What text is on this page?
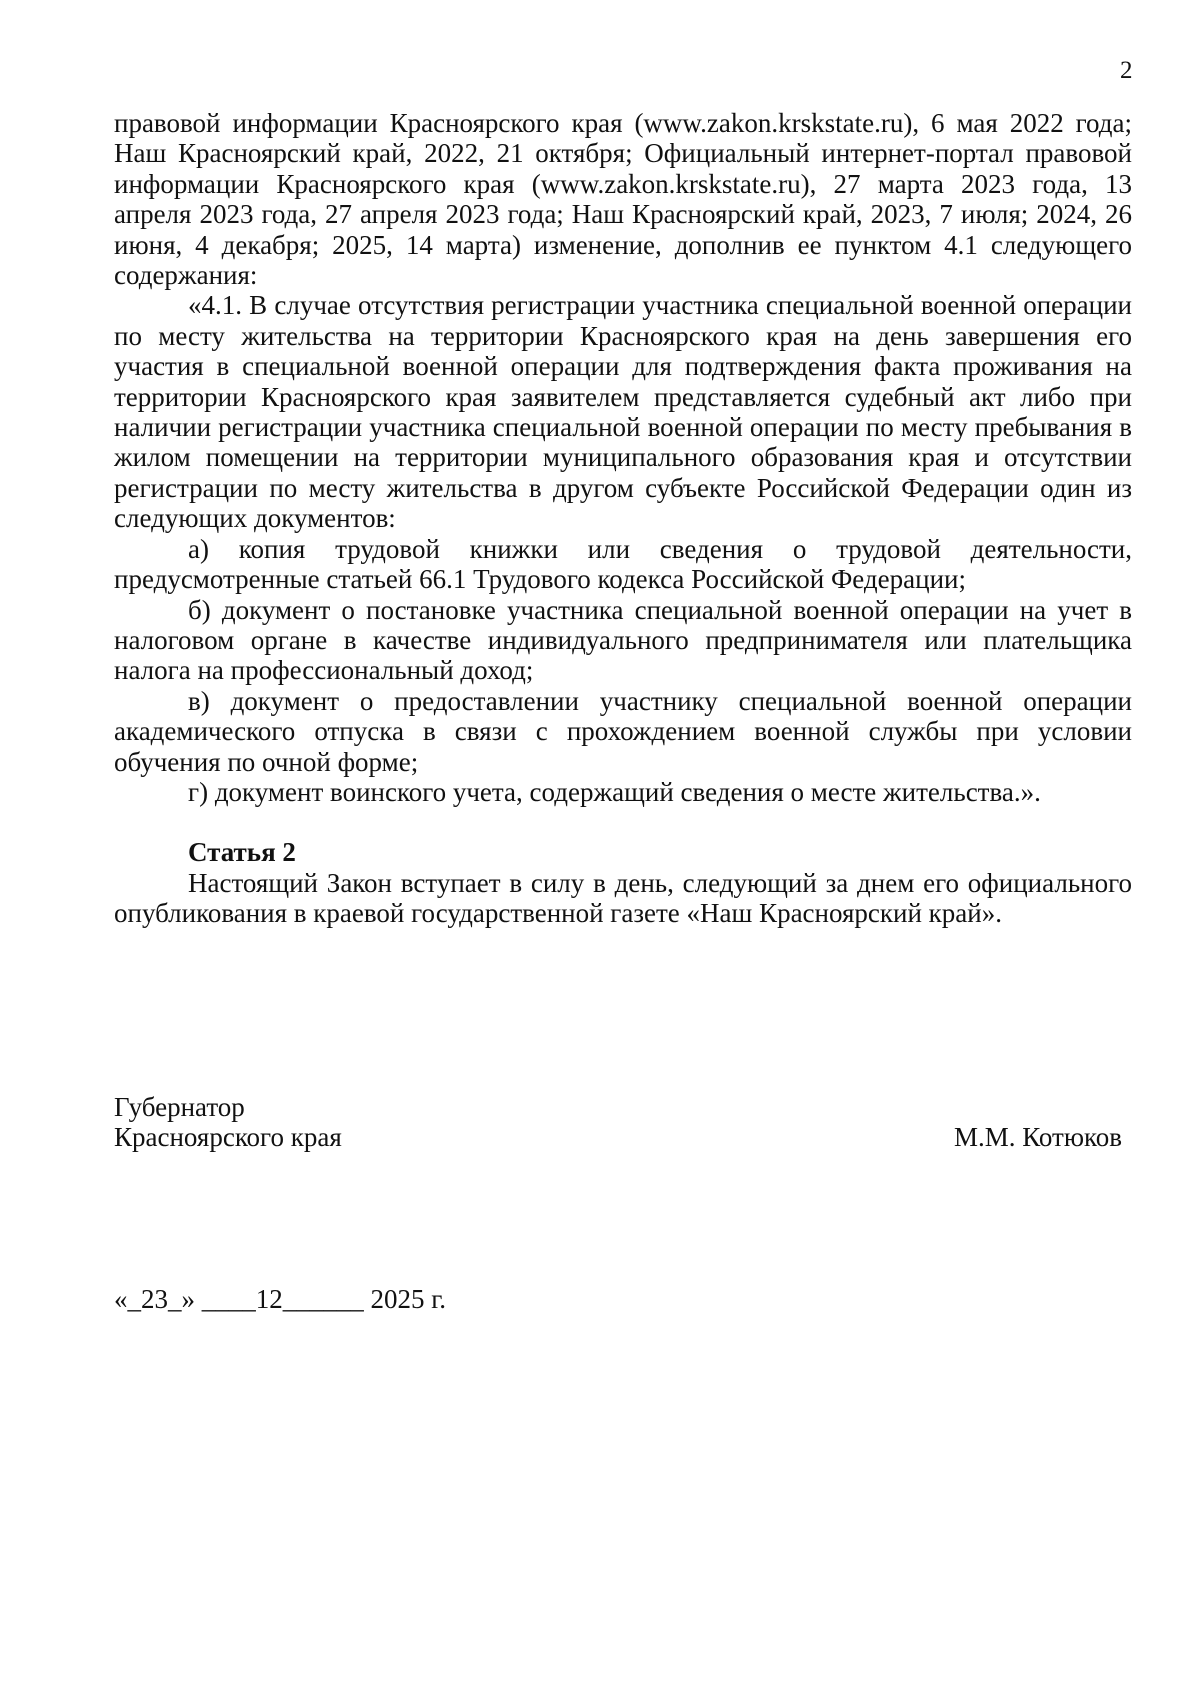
2

правовой информации Красноярского края (www.zakon.krskstate.ru), 6 мая 2022 года; Наш Красноярский край, 2022, 21 октября; Официальный интернет-портал правовой информации Красноярского края (www.zakon.krskstate.ru), 27 марта 2023 года, 13 апреля 2023 года, 27 апреля 2023 года; Наш Красноярский край, 2023, 7 июля; 2024, 26 июня, 4 декабря; 2025, 14 марта) изменение, дополнив ее пунктом 4.1 следующего содержания:

«4.1. В случае отсутствия регистрации участника специальной военной операции по месту жительства на территории Красноярского края на день завершения его участия в специальной военной операции для подтверждения факта проживания на территории Красноярского края заявителем представляется судебный акт либо при наличии регистрации участника специальной военной операции по месту пребывания в жилом помещении на территории муниципального образования края и отсутствии регистрации по месту жительства в другом субъекте Российской Федерации один из следующих документов:

а) копия трудовой книжки или сведения о трудовой деятельности, предусмотренные статьей 66.1 Трудового кодекса Российской Федерации;

б) документ о постановке участника специальной военной операции на учет в налоговом органе в качестве индивидуального предпринимателя или плательщика налога на профессиональный доход;

в) документ о предоставлении участнику специальной военной операции академического отпуска в связи с прохождением военной службы при условии обучения по очной форме;

г) документ воинского учета, содержащий сведения о месте жительства.».

Статья 2

Настоящий Закон вступает в силу в день, следующий за днем его официального опубликования в краевой государственной газете «Наш Красноярский край».

Губернатор
Красноярского края	М.М. Котюков
«_23_» ____12______ 2025 г.
